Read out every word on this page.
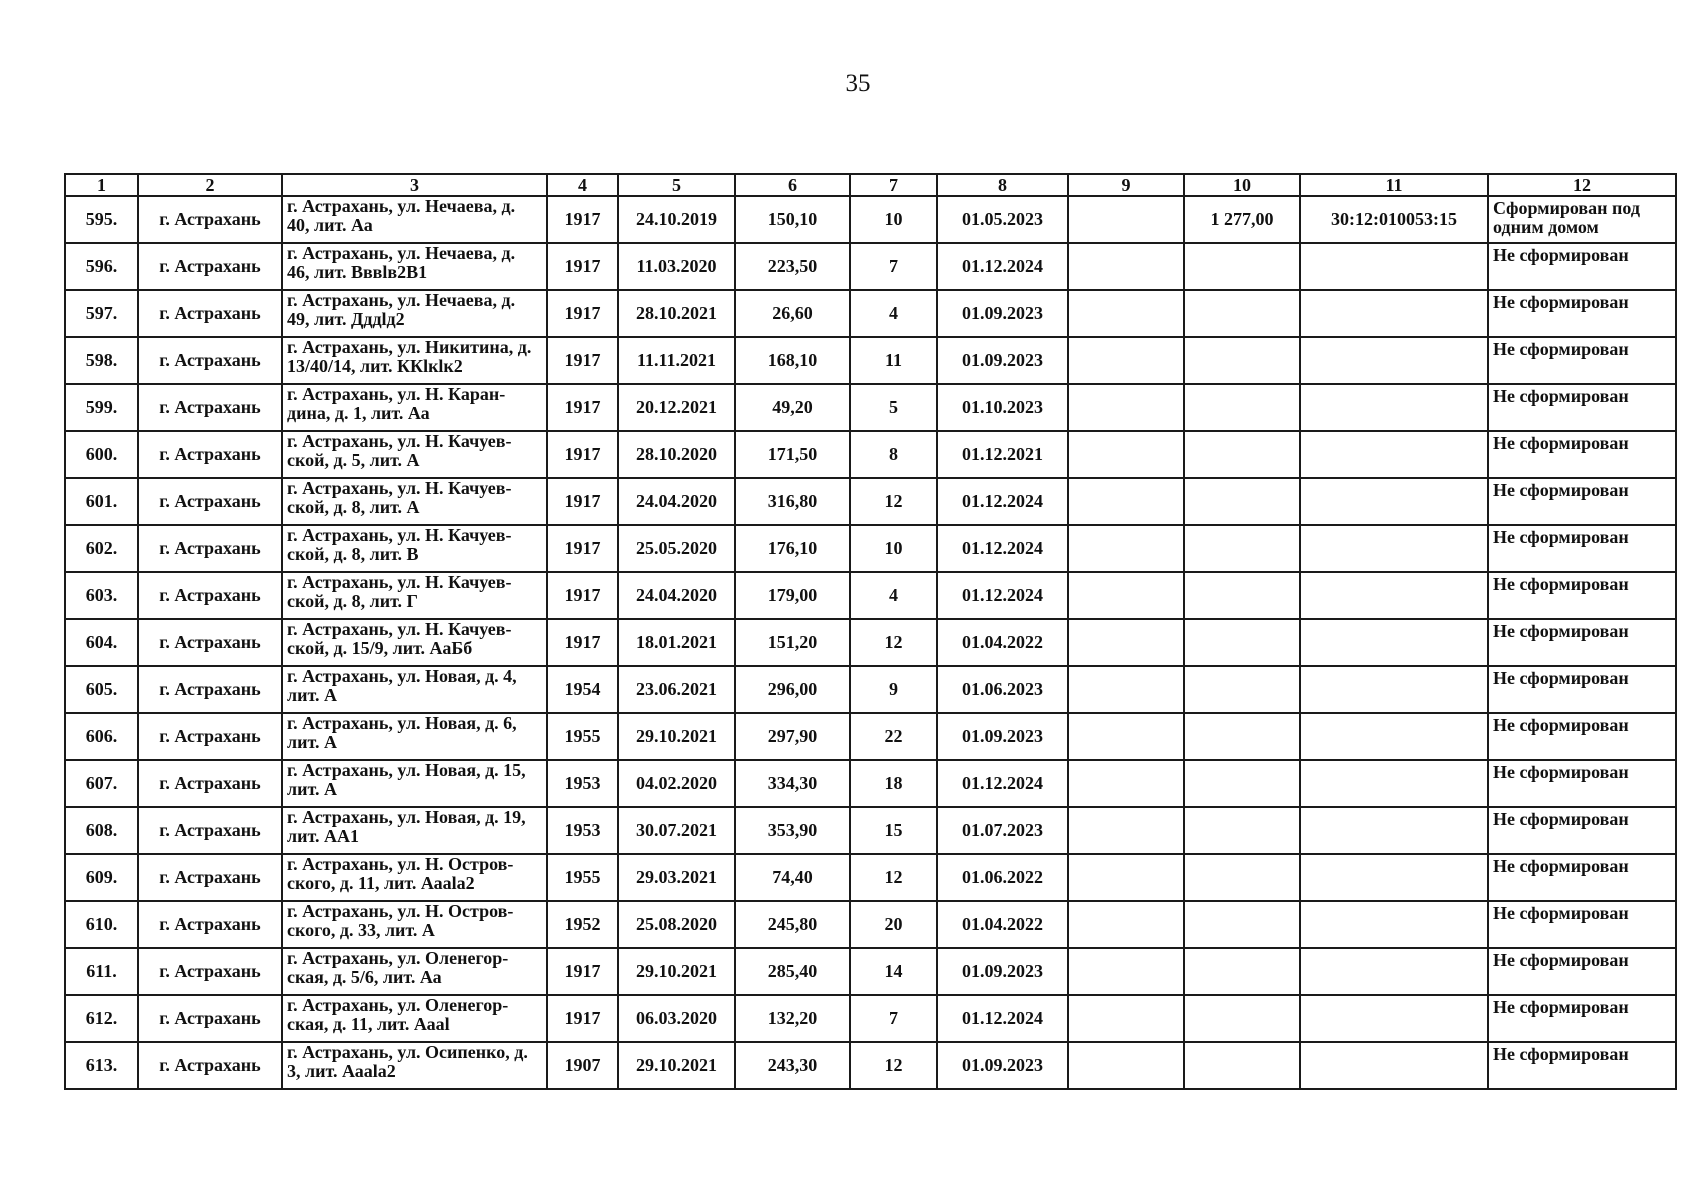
35
1	2	3	4	5	6	7	8	9	10	11	12
595.	г. Астрахань	г. Астрахань, ул. Нечаева, д. 40, лит. Аа	1917	24.10.2019	150,10	10	01.05.2023		1 277,00	30:12:010053:15	Сформирован под одним домом
596.	г. Астрахань	г. Астрахань, ул. Нечаева, д. 46, лит. Вввlв2В1	1917	11.03.2020	223,50	7	01.12.2024				Не сформирован
597.	г. Астрахань	г. Астрахань, ул. Нечаева, д. 49, лит. Дддlд2	1917	28.10.2021	26,60	4	01.09.2023				Не сформирован
598.	г. Астрахань	г. Астрахань, ул. Никитина, д. 13/40/14, лит. ККlкlк2	1917	11.11.2021	168,10	11	01.09.2023				Не сформирован
599.	г. Астрахань	г. Астрахань, ул. Н. Каран-дина, д. 1, лит. Аа	1917	20.12.2021	49,20	5	01.10.2023				Не сформирован
600.	г. Астрахань	г. Астрахань, ул. Н. Качуев-ской, д. 5, лит. А	1917	28.10.2020	171,50	8	01.12.2021				Не сформирован
601.	г. Астрахань	г. Астрахань, ул. Н. Качуев-ской, д. 8, лит. А	1917	24.04.2020	316,80	12	01.12.2024				Не сформирован
602.	г. Астрахань	г. Астрахань, ул. Н. Качуев-ской, д. 8, лит. В	1917	25.05.2020	176,10	10	01.12.2024				Не сформирован
603.	г. Астрахань	г. Астрахань, ул. Н. Качуев-ской, д. 8, лит. Г	1917	24.04.2020	179,00	4	01.12.2024				Не сформирован
604.	г. Астрахань	г. Астрахань, ул. Н. Качуев-ской, д. 15/9, лит. АаБб	1917	18.01.2021	151,20	12	01.04.2022				Не сформирован
605.	г. Астрахань	г. Астрахань, ул. Новая, д. 4, лит. А	1954	23.06.2021	296,00	9	01.06.2023				Не сформирован
606.	г. Астрахань	г. Астрахань, ул. Новая, д. 6, лит. А	1955	29.10.2021	297,90	22	01.09.2023				Не сформирован
607.	г. Астрахань	г. Астрахань, ул. Новая, д. 15, лит. А	1953	04.02.2020	334,30	18	01.12.2024				Не сформирован
608.	г. Астрахань	г. Астрахань, ул. Новая, д. 19, лит. АА1	1953	30.07.2021	353,90	15	01.07.2023				Не сформирован
609.	г. Астрахань	г. Астрахань, ул. Н. Остров-ского, д. 11, лит. Аааlа2	1955	29.03.2021	74,40	12	01.06.2022				Не сформирован
610.	г. Астрахань	г. Астрахань, ул. Н. Остров-ского, д. 33, лит. А	1952	25.08.2020	245,80	20	01.04.2022				Не сформирован
611.	г. Астрахань	г. Астрахань, ул. Оленегор-ская, д. 5/6, лит. Аа	1917	29.10.2021	285,40	14	01.09.2023				Не сформирован
612.	г. Астрахань	г. Астрахань, ул. Оленегор-ская, д. 11, лит. Аааl	1917	06.03.2020	132,20	7	01.12.2024				Не сформирован
613.	г. Астрахань	г. Астрахань, ул. Осипенко, д. 3, лит. Аааlа2	1907	29.10.2021	243,30	12	01.09.2023				Не сформирован
